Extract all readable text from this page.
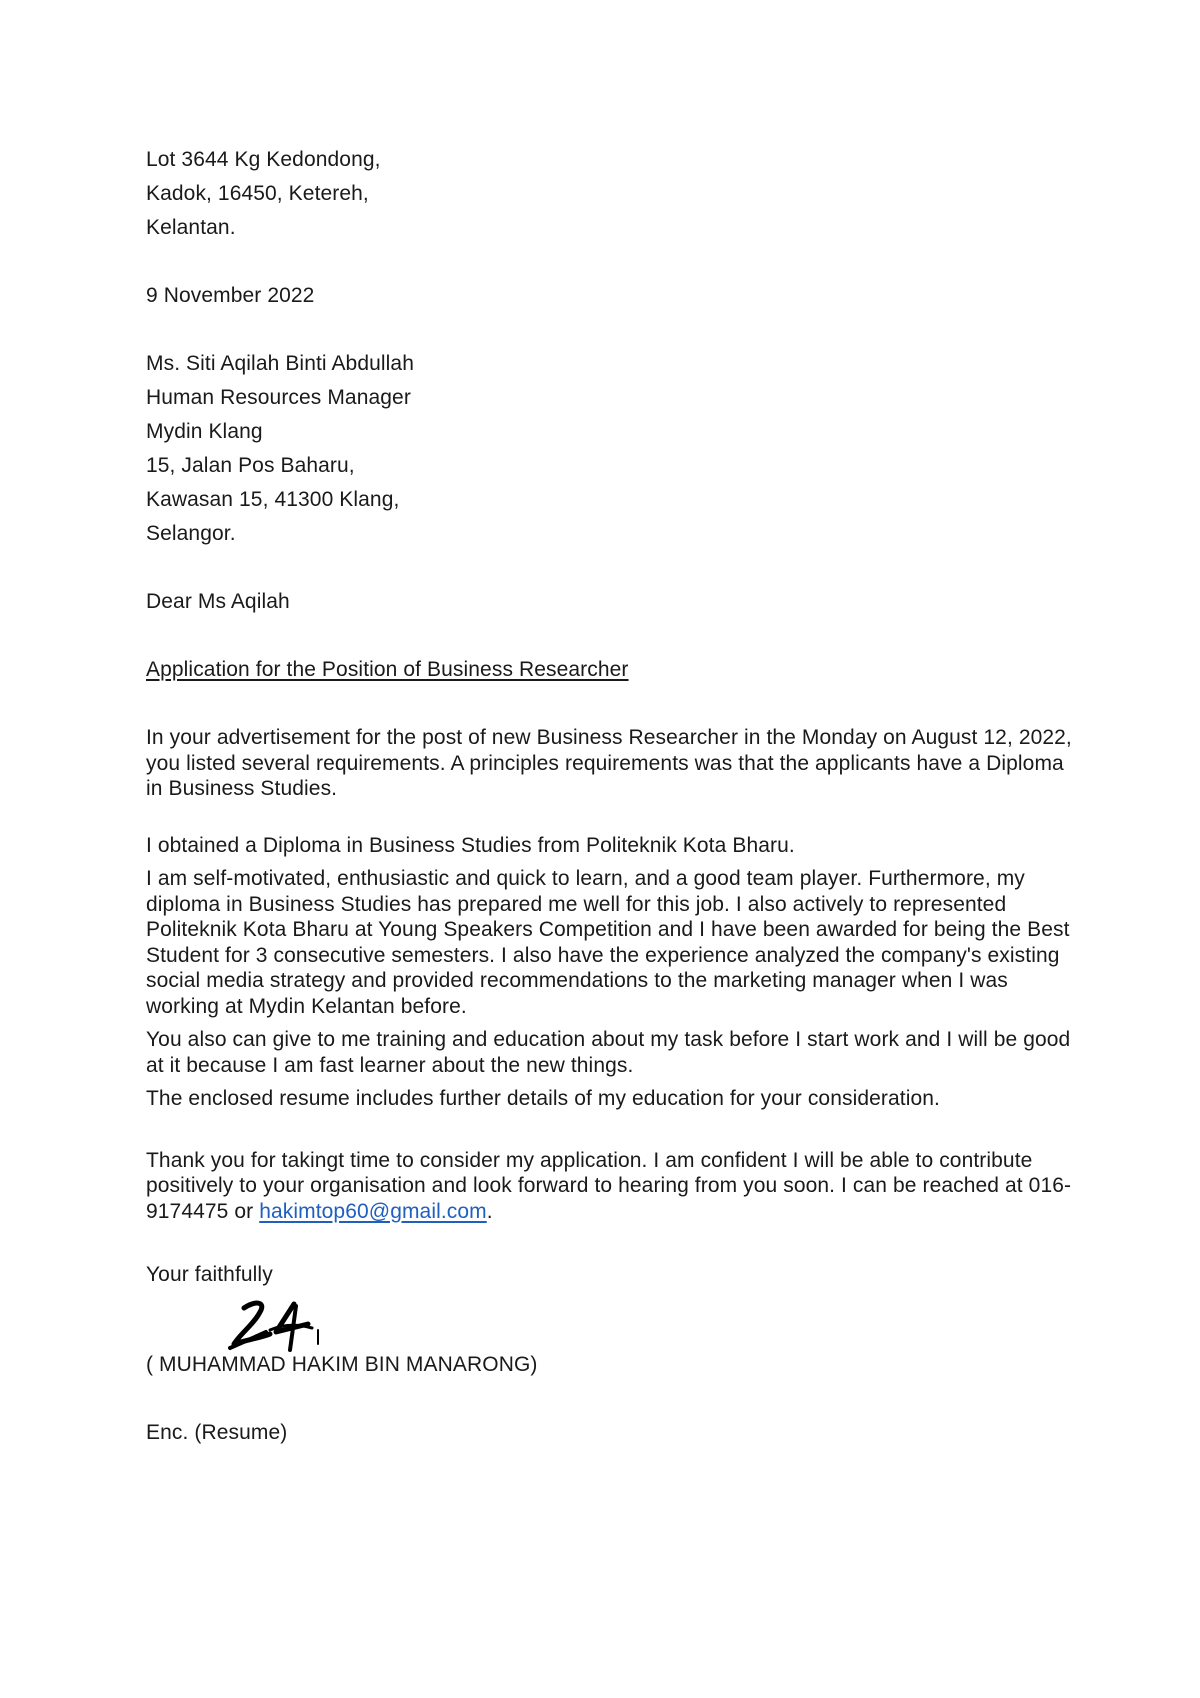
Lot 3644 Kg Kedondong,
Kadok, 16450, Ketereh,
Kelantan.
9 November 2022
Ms. Siti Aqilah Binti Abdullah
Human Resources Manager
Mydin Klang
15, Jalan Pos Baharu,
Kawasan 15, 41300 Klang,
Selangor.
Dear Ms Aqilah
Application for the Position of Business Researcher

In your advertisement for the post of new Business Researcher in the Monday on August 12, 2022, you listed several requirements. A principles requirements was that the applicants have a Diploma in Business Studies.

I obtained a Diploma in Business Studies from Politeknik Kota Bharu.

I am self-motivated, enthusiastic and quick to learn, and a good team player. Furthermore, my diploma in Business Studies has prepared me well for this job. I also actively to represented Politeknik Kota Bharu at Young Speakers Competition and I have been awarded for being the Best Student for 3 consecutive semesters. I also have the experience analyzed the company's existing social media strategy and provided recommendations to the marketing manager when I was working at Mydin Kelantan before.

You also can give to me training and education about my task before I start work and I will be good at it because I am fast learner about the new things.

The enclosed resume includes further details of my education for your consideration.

Thank you for takingt time to consider my application. I am confident I will be able to contribute positively to your organisation and look forward to hearing from you soon. I can be reached at 016-9174475 or hakimtop60@gmail.com.

Your faithfully
( MUHAMMAD HAKIM BIN MANARONG)
Enc. (Resume)
